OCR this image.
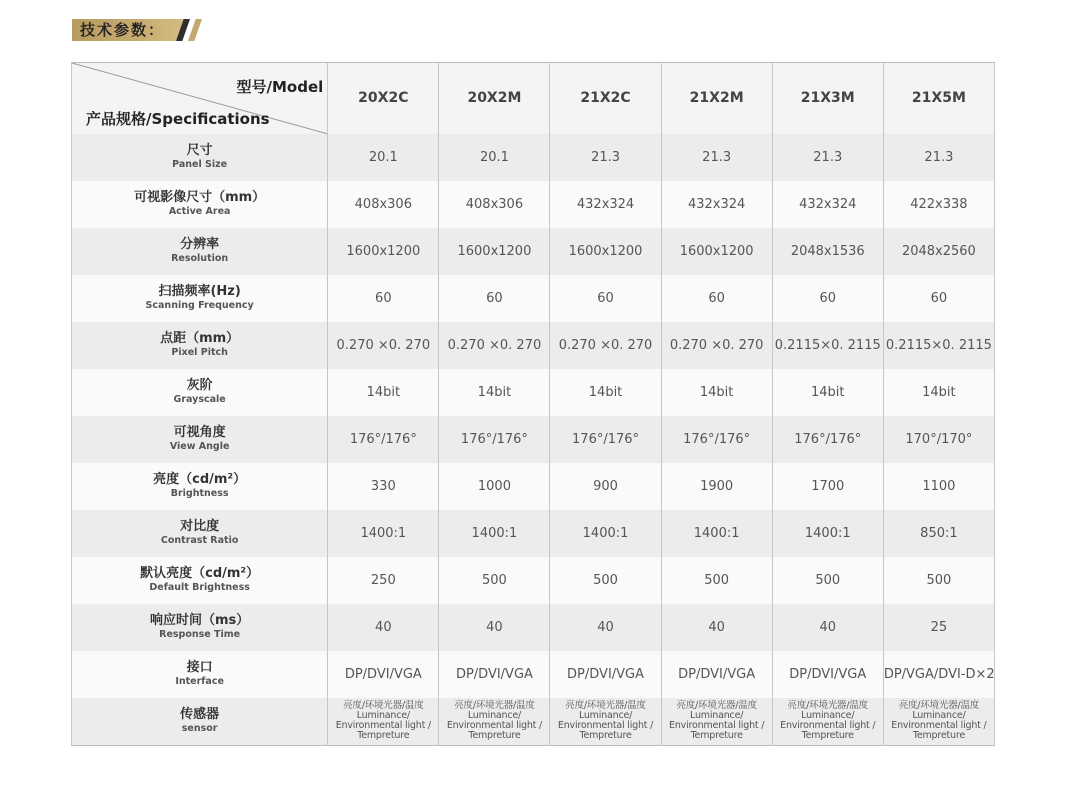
技术参数：
型号/Model
产品规格/Specifications	20X2C	20X2M	21X2C	21X2M	21X3M	21X5M

尺寸
Panel Size	20.1	20.1	21.3	21.3	21.3	21.3

可视影像尺寸（mm）
Active Area	408x306	408x306	432x324	432x324	432x324	422x338

分辨率
Resolution	1600x1200	1600x1200	1600x1200	1600x1200	2048x1536	2048x2560

扫描频率(Hz)
Scanning Frequency	60	60	60	60	60	60

点距（mm）
Pixel Pitch	0.270 ×0. 270	0.270 ×0. 270	0.270 ×0. 270	0.270 ×0. 270	0.2115×0. 2115	0.2115×0. 2115

灰阶
Grayscale	14bit	14bit	14bit	14bit	14bit	14bit

可视角度
View Angle	176°/176°	176°/176°	176°/176°	176°/176°	176°/176°	170°/170°

亮度（cd/m²）
Brightness	330	1000	900	1900	1700	1100

对比度
Contrast Ratio	1400:1	1400:1	1400:1	1400:1	1400:1	850:1

默认亮度（cd/m²）
Default Brightness	250	500	500	500	500	500

响应时间（ms）
Response Time	40	40	40	40	40	25

接口
Interface	DP/DVI/VGA	DP/DVI/VGA	DP/DVI/VGA	DP/DVI/VGA	DP/DVI/VGA	DP/VGA/DVI-D×2

传感器
sensor	亮度/环境光器/温度
Luminance/
Environmental light /
Tempreture	亮度/环境光器/温度
Luminance/
Environmental light /
Tempreture	亮度/环境光器/温度
Luminance/
Environmental light /
Tempreture	亮度/环境光器/温度
Luminance/
Environmental light /
Tempreture	亮度/环境光器/温度
Luminance/
Environmental light /
Tempreture	亮度/环境光器/温度
Luminance/
Environmental light /
Tempreture
